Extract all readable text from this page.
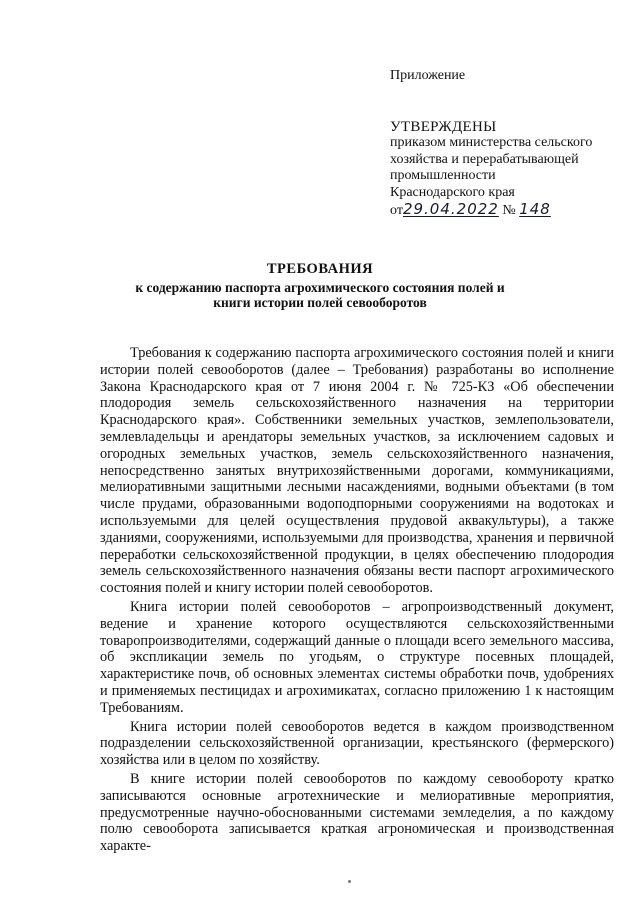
Приложение
УТВЕРЖДЕНЫ
приказом министерства сельского
хозяйства и перерабатывающей
промышленности
Краснодарского края
от29.04.2022 № 148
ТРЕБОВАНИЯ
к содержанию паспорта агрохимического состояния полей и
книги истории полей севооборотов

Требования к содержанию паспорта агрохимического состояния полей и книги истории полей севооборотов (далее – Требования) разработаны во исполнение Закона Краснодарского края от 7 июня 2004 г. № 725-КЗ «Об обеспечении плодородия земель сельскохозяйственного назначения на территории Краснодарского края». Собственники земельных участков, землепользователи, землевладельцы и арендаторы земельных участков, за исключением садовых и огородных земельных участков, земель сельскохозяйственного назначения, непосредственно занятых внутрихозяйственными дорогами, коммуникациями, мелиоративными защитными лесными насаждениями, водными объектами (в том числе прудами, образованными водоподпорными сооружениями на водотоках и используемыми для целей осуществления прудовой аквакультуры), а также зданиями, сооружениями, используемыми для производства, хранения и первичной переработки сельскохозяйственной продукции, в целях обеспечению плодородия земель сельскохозяйственного назначения обязаны вести паспорт агрохимического состояния полей и книгу истории полей севооборотов.

Книга истории полей севооборотов – агропроизводственный документ, ведение и хранение которого осуществляются сельскохозяйственными товаропроизводителями, содержащий данные о площади всего земельного массива, об экспликации земель по угодьям, о структуре посевных площадей, характеристике почв, об основных элементах системы обработки почв, удобрениях и применяемых пестицидах и агрохимикатах, согласно приложению 1 к настоящим Требованиям.

Книга истории полей севооборотов ведется в каждом производственном подразделении сельскохозяйственной организации, крестьянского (фермерского) хозяйства или в целом по хозяйству.

В книге истории полей севооборотов по каждому севообороту кратко записываются основные агротехнические и мелиоративные мероприятия, предусмотренные научно-обоснованными системами земледелия, а по каждому полю севооборота записывается краткая агрономическая и производственная характе-
